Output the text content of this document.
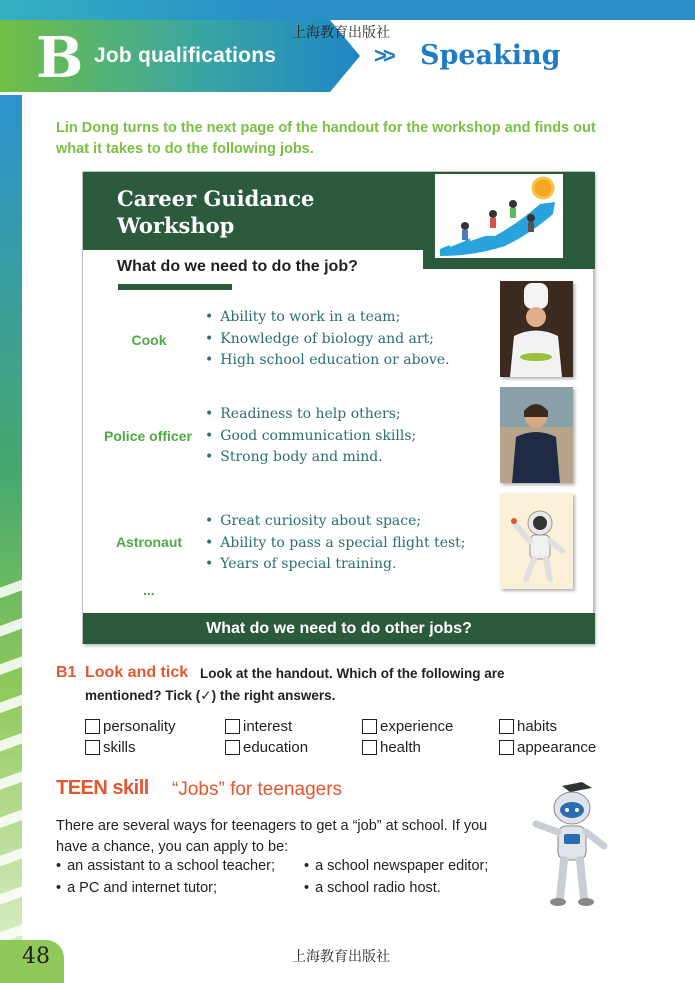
B Job qualifications
上海教育出版社
>> Speaking
Lin Dong turns to the next page of the handout for the workshop and finds out what it takes to do the following jobs.
Career Guidance Workshop
What do we need to do the job?
Cook
• Ability to work in a team;
• Knowledge of biology and art;
• High school education or above.
Police officer
• Readiness to help others;
• Good communication skills;
• Strong body and mind.
Astronaut
• Great curiosity about space;
• Ability to pass a special flight test;
• Years of special training.
...
What do we need to do other jobs?
B1 Look and tick Look at the handout. Which of the following are
mentioned? Tick (✓) the right answers.
personality	interest	experience	habits
skills	education	health	appearance
TEEN skill “Jobs” for teenagers
There are several ways for teenagers to get a “job” at school. If you have a chance, you can apply to be:
• an assistant to a school teacher;	• a school newspaper editor;
• a PC and internet tutor;	• a school radio host.
48	上海教育出版社
